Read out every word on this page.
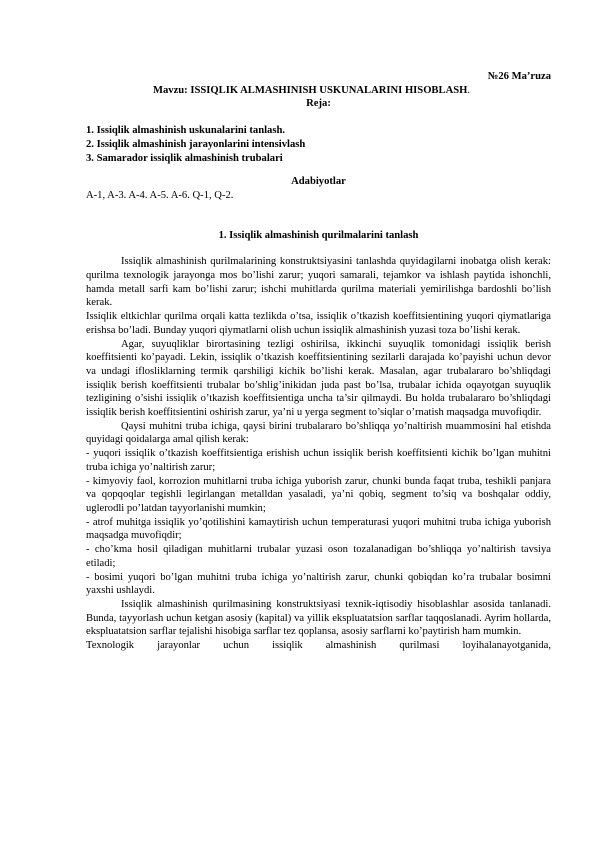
№26 Ma’ruza
Mavzu: ISSIQLIK ALMASHINISH USKUNALARINI HISOBLASH.
Reja:
1. Issiqlik almashinish uskunalarini tanlash.
2. Issiqlik almashinish jarayonlarini intensivlash
3. Samarador issiqlik almashinish trubalari
Adabiyotlar
A-1, A-3. A-4. A-5. A-6. Q-1, Q-2.
1. Issiqlik almashinish qurilmalarini tanlash

Issiqlik almashinish qurilmalarining konstruktsiyasini tanlashda quyidagilarni inobatga olish kerak: qurilma texnologik jarayonga mos bo’lishi zarur; yuqori samarali, tejamkor va ishlash paytida ishonchli, hamda metall sarfi kam bo’lishi zarur; ishchi muhitlarda qurilma materiali yemirilishga bardoshli bo’lish kerak.

Issiqlik eltkichlar qurilma orqali katta tezlikda o’tsa, issiqlik o’tkazish koeffitsientining yuqori qiymatlariga erishsa bo’ladi. Bunday yuqori qiymatlarni olish uchun issiqlik almashinish yuzasi toza bo’lishi kerak.

Agar, suyuqliklar birortasining tezligi oshirilsa, ikkinchi suyuqlik tomonidagi issiqlik berish koeffitsienti ko’payadi. Lekin, issiqlik o’tkazish koeffitsientining sezilarli darajada ko’payishi uchun devor va undagi iflosliklarning termik qarshiligi kichik bo’lishi kerak. Masalan, agar trubalararo bo’shliqdagi issiqlik berish koeffitsienti trubalar bo’shlig’inikidan juda past bo’lsa, trubalar ichida oqayotgan suyuqlik tezligining o’sishi issiqlik o’tkazish koeffitsientiga uncha ta’sir qilmaydi. Bu holda trubalararo bo’shliqdagi issiqlik berish koeffitsientini oshirish zarur, ya’ni u yerga segment to’siqlar o’rnatish maqsadga muvofiqdir.

Qaysi muhitni truba ichiga, qaysi birini trubalararo bo’shliqqa yo’naltirish muammosini hal etishda quyidagi qoidalarga amal qilish kerak:

- yuqori issiqlik o’tkazish koeffitsientiga erishish uchun issiqlik berish koeffitsienti kichik bo’lgan muhitni truba ichiga yo’naltirish zarur;

- kimyoviy faol, korrozion muhitlarni truba ichiga yuborish zarur, chunki bunda faqat truba, teshikli panjara va qopqoqlar tegishli legirlangan metalldan yasaladi, ya’ni qobiq, segment to’siq va boshqalar oddiy, uglerodli po’latdan tayyorlanishi mumkin;

- atrof muhitga issiqlik yo’qotilishini kamaytirish uchun temperaturasi yuqori muhitni truba ichiga yuborish maqsadga muvofiqdir;

- cho’kma hosil qiladigan muhitlarni trubalar yuzasi oson tozalanadigan bo’shliqqa yo’naltirish tavsiya etiladi;

- bosimi yuqori bo’lgan muhitni truba ichiga yo’naltirish zarur, chunki qobiqdan ko’ra trubalar bosimni yaxshi ushlaydi.

Issiqlik almashinish qurilmasining konstruktsiyasi texnik-iqtisodiy hisoblashlar asosida tanlanadi. Bunda, tayyorlash uchun ketgan asosiy (kapital) va yillik ekspluatatsion sarflar taqqoslanadi. Ayrim hollarda, ekspluatatsion sarflar tejalishi hisobiga sarflar tez qoplansa, asosiy sarflarni ko’paytirish ham mumkin.

Texnologik jarayonlar uchun issiqlik almashinish qurilmasi loyihalanayotganida,
